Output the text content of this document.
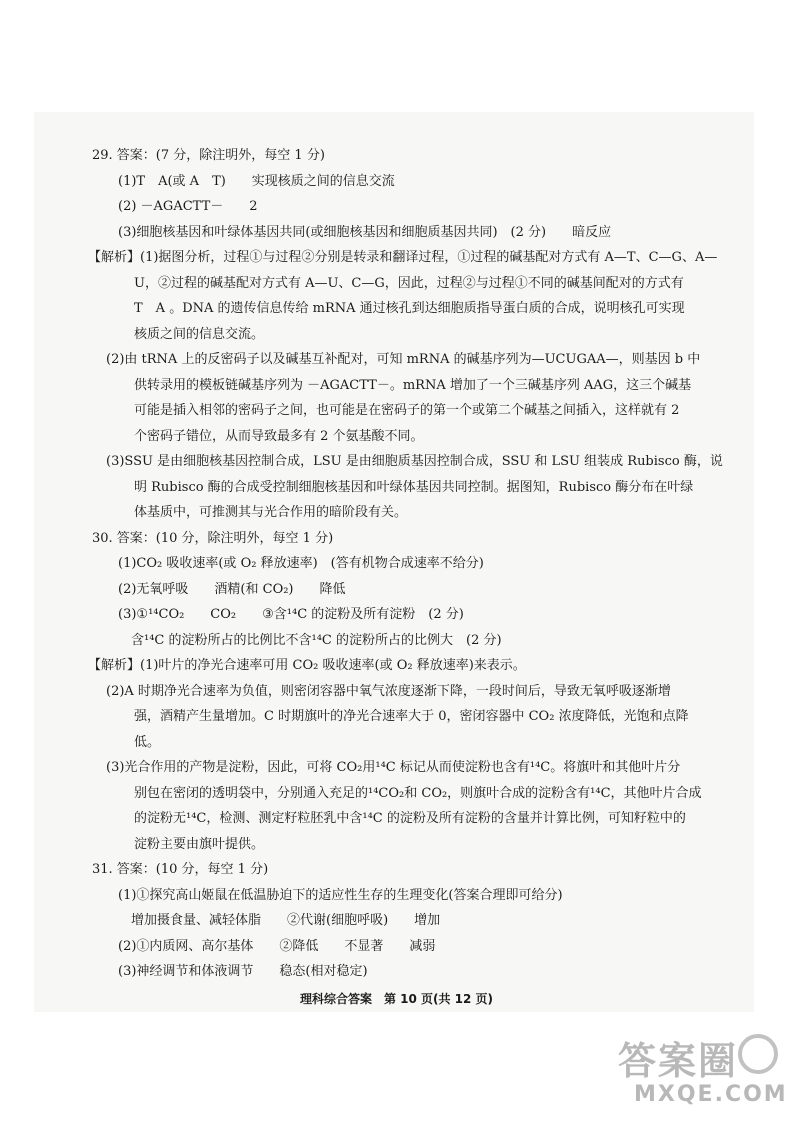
29. 答案：(7 分，除注明外，每空 1 分)
(1)T　A(或 A　T)　　实现核质之间的信息交流
(2) －AGACTT－　　2
(3)细胞核基因和叶绿体基因共同(或细胞核基因和细胞质基因共同)　(2 分)　　暗反应
【解析】(1)据图分析，过程①与过程②分别是转录和翻译过程，①过程的碱基配对方式有 A—T、C—G、A—
U，②过程的碱基配对方式有 A—U、C—G，因此，过程②与过程①不同的碱基间配对的方式有
T　A 。DNA 的遗传信息传给 mRNA 通过核孔到达细胞质指导蛋白质的合成，说明核孔可实现
核质之间的信息交流。
(2)由 tRNA 上的反密码子以及碱基互补配对，可知 mRNA 的碱基序列为—UCUGAA—，则基因 b 中
供转录用的模板链碱基序列为 －AGACTT－。mRNA 增加了一个三碱基序列 AAG，这三个碱基
可能是插入相邻的密码子之间，也可能是在密码子的第一个或第二个碱基之间插入，这样就有 2
个密码子错位，从而导致最多有 2 个氨基酸不同。
(3)SSU 是由细胞核基因控制合成，LSU 是由细胞质基因控制合成，SSU 和 LSU 组装成 Rubisco 酶，说
明 Rubisco 酶的合成受控制细胞核基因和叶绿体基因共同控制。据图知，Rubisco 酶分布在叶绿
体基质中，可推测其与光合作用的暗阶段有关。
30. 答案：(10 分，除注明外，每空 1 分)
(1)CO₂ 吸收速率(或 O₂ 释放速率)　(答有机物合成速率不给分)
(2)无氧呼吸　　酒精(和 CO₂)　　降低
(3)①¹⁴CO₂　　CO₂　　③含¹⁴C 的淀粉及所有淀粉　(2 分)
　含¹⁴C 的淀粉所占的比例比不含¹⁴C 的淀粉所占的比例大　(2 分)
【解析】(1)叶片的净光合速率可用 CO₂ 吸收速率(或 O₂ 释放速率)来表示。
(2)A 时期净光合速率为负值，则密闭容器中氧气浓度逐渐下降，一段时间后，导致无氧呼吸逐渐增
强，酒精产生量增加。C 时期旗叶的净光合速率大于 0，密闭容器中 CO₂ 浓度降低，光饱和点降
低。
(3)光合作用的产物是淀粉，因此，可将 CO₂用¹⁴C 标记从而使淀粉也含有¹⁴C。将旗叶和其他叶片分
别包在密闭的透明袋中，分别通入充足的¹⁴CO₂和 CO₂，则旗叶合成的淀粉含有¹⁴C，其他叶片合成
的淀粉无¹⁴C，检测、测定籽粒胚乳中含¹⁴C 的淀粉及所有淀粉的含量并计算比例，可知籽粒中的
淀粉主要由旗叶提供。
31. 答案：(10 分，每空 1 分)
(1)①探究高山姬鼠在低温胁迫下的适应性生存的生理变化(答案合理即可给分)
　增加摄食量、减轻体脂　　②代谢(细胞呼吸)　　增加
(2)①内质网、高尔基体　　②降低　　不显著　　减弱
(3)神经调节和体液调节　　稳态(相对稳定)
理科综合答案　第 10 页(共 12 页)
答案圈
MXQE.COM
